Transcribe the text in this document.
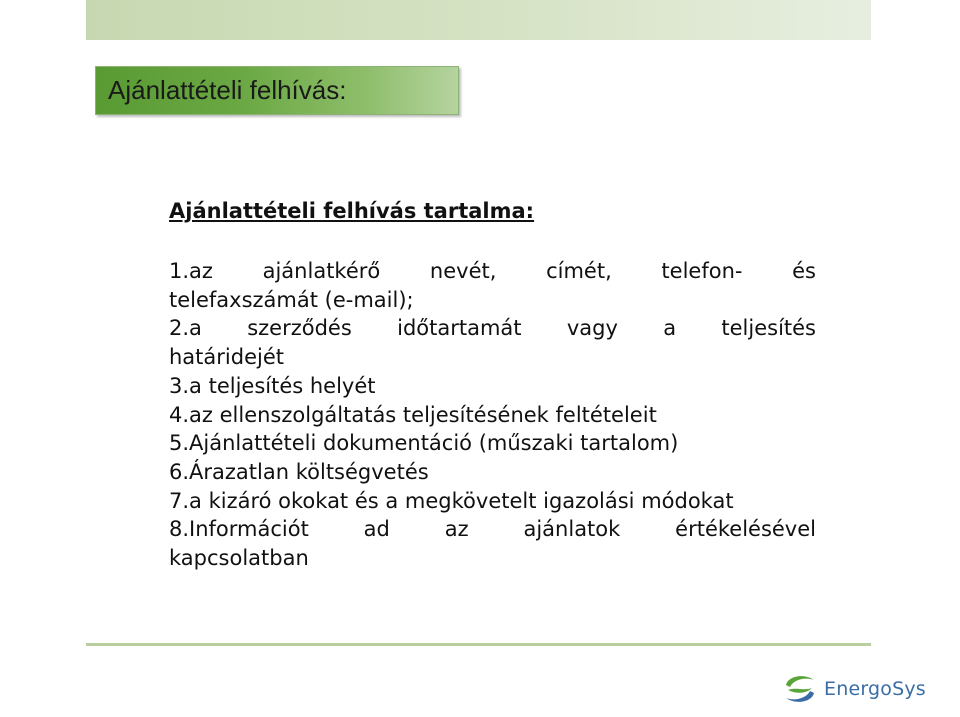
Ajánlattételi felhívás:
Ajánlattételi felhívás tartalma:
1.az ajánlatkérő nevét, címét, telefon- és
telefaxszámát (e-mail);
2.a szerződés időtartamát vagy a teljesítés
határidejét
3.a teljesítés helyét
4.az ellenszolgáltatás teljesítésének feltételeit
5.Ajánlattételi dokumentáció (műszaki tartalom)
6.Árazatlan költségvetés
7.a kizáró okokat és a megkövetelt igazolási módokat
8.Információt ad az ajánlatok értékelésével
kapcsolatban
EnergoSys
